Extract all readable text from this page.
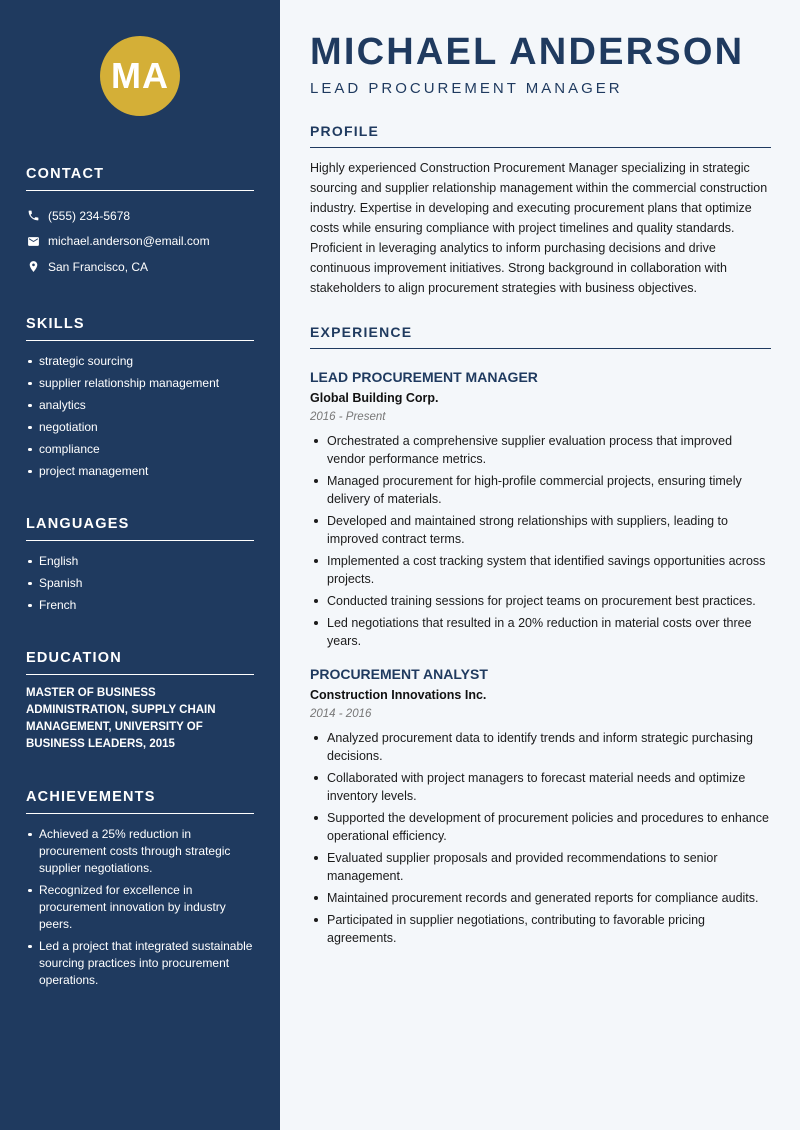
MA
CONTACT
(555) 234-5678
michael.anderson@email.com
San Francisco, CA
SKILLS
strategic sourcing
supplier relationship management
analytics
negotiation
compliance
project management
LANGUAGES
English
Spanish
French
EDUCATION

MASTER OF BUSINESS ADMINISTRATION, SUPPLY CHAIN MANAGEMENT, UNIVERSITY OF BUSINESS LEADERS, 2015

ACHIEVEMENTS
Achieved a 25% reduction in procurement costs through strategic supplier negotiations.
Recognized for excellence in procurement innovation by industry peers.
Led a project that integrated sustainable sourcing practices into procurement operations.
MICHAEL ANDERSON
LEAD PROCUREMENT MANAGER
PROFILE

Highly experienced Construction Procurement Manager specializing in strategic sourcing and supplier relationship management within the commercial construction industry. Expertise in developing and executing procurement plans that optimize costs while ensuring compliance with project timelines and quality standards. Proficient in leveraging analytics to inform purchasing decisions and drive continuous improvement initiatives. Strong background in collaboration with stakeholders to align procurement strategies with business objectives.

EXPERIENCE
LEAD PROCUREMENT MANAGER
Global Building Corp.
2016 - Present
Orchestrated a comprehensive supplier evaluation process that improved vendor performance metrics.
Managed procurement for high-profile commercial projects, ensuring timely delivery of materials.
Developed and maintained strong relationships with suppliers, leading to improved contract terms.
Implemented a cost tracking system that identified savings opportunities across projects.
Conducted training sessions for project teams on procurement best practices.
Led negotiations that resulted in a 20% reduction in material costs over three years.
PROCUREMENT ANALYST
Construction Innovations Inc.
2014 - 2016
Analyzed procurement data to identify trends and inform strategic purchasing decisions.
Collaborated with project managers to forecast material needs and optimize inventory levels.
Supported the development of procurement policies and procedures to enhance operational efficiency.
Evaluated supplier proposals and provided recommendations to senior management.
Maintained procurement records and generated reports for compliance audits.
Participated in supplier negotiations, contributing to favorable pricing agreements.
